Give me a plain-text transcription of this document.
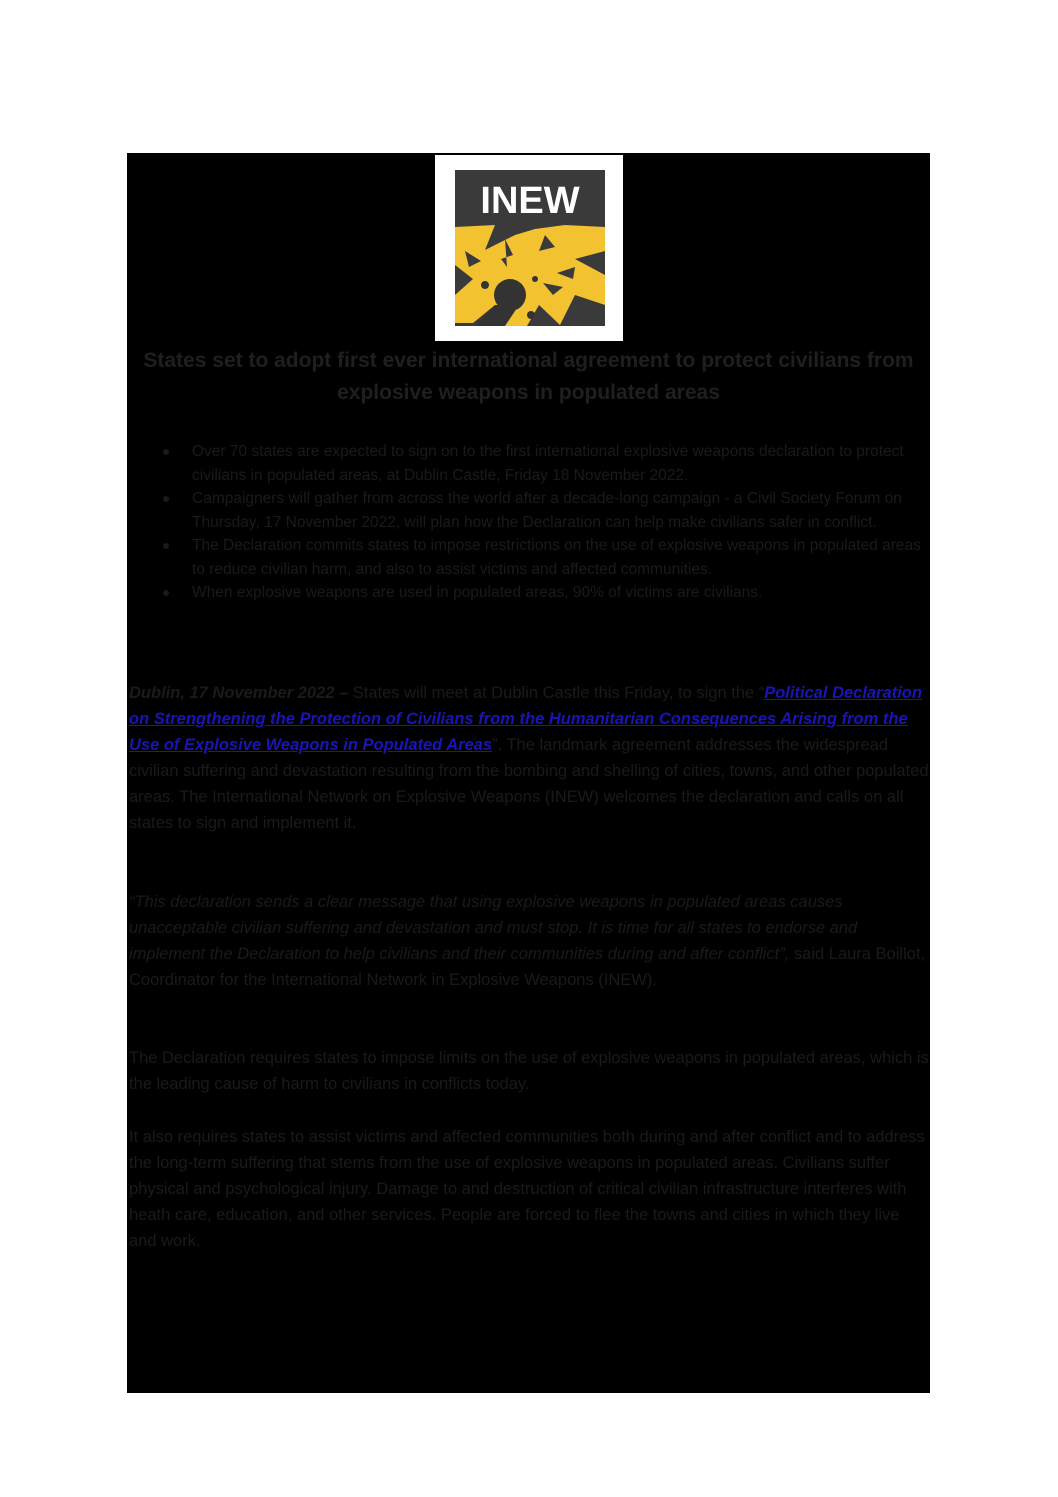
INEW
States set to adopt first ever international agreement to protect civilians from explosive weapons in populated areas
Over 70 states are expected to sign on to the first international explosive weapons declaration to protect civilians in populated areas, at Dublin Castle, Friday 18 November 2022.
Campaigners will gather from across the world after a decade-long campaign - a Civil Society Forum on Thursday, 17 November 2022, will plan how the Declaration can help make civilians safer in conflict.
The Declaration commits states to impose restrictions on the use of explosive weapons in populated areas to reduce civilian harm, and also to assist victims and affected communities.
When explosive weapons are used in populated areas, 90% of victims are civilians.

Dublin, 17 November 2022 – States will meet at Dublin Castle this Friday, to sign the “Political Declaration on Strengthening the Protection of Civilians from the Humanitarian Consequences Arising from the Use of Explosive Weapons in Populated Areas”. The landmark agreement addresses the widespread civilian suffering and devastation resulting from the bombing and shelling of cities, towns, and other populated areas. The International Network on Explosive Weapons (INEW) welcomes the declaration and calls on all states to sign and implement it.

“This declaration sends a clear message that using explosive weapons in populated areas causes unacceptable civilian suffering and devastation and must stop. It is time for all states to endorse and implement the Declaration to help civilians and their communities during and after conflict”, said Laura Boillot, Coordinator for the International Network in Explosive Weapons (INEW).

The Declaration requires states to impose limits on the use of explosive weapons in populated areas, which is the leading cause of harm to civilians in conflicts today.

It also requires states to assist victims and affected communities both during and after conflict and to address the long-term suffering that stems from the use of explosive weapons in populated areas. Civilians suffer physical and psychological injury. Damage to and destruction of critical civilian infrastructure interferes with heath care, education, and other services. People are forced to flee the towns and cities in which they live and work.
